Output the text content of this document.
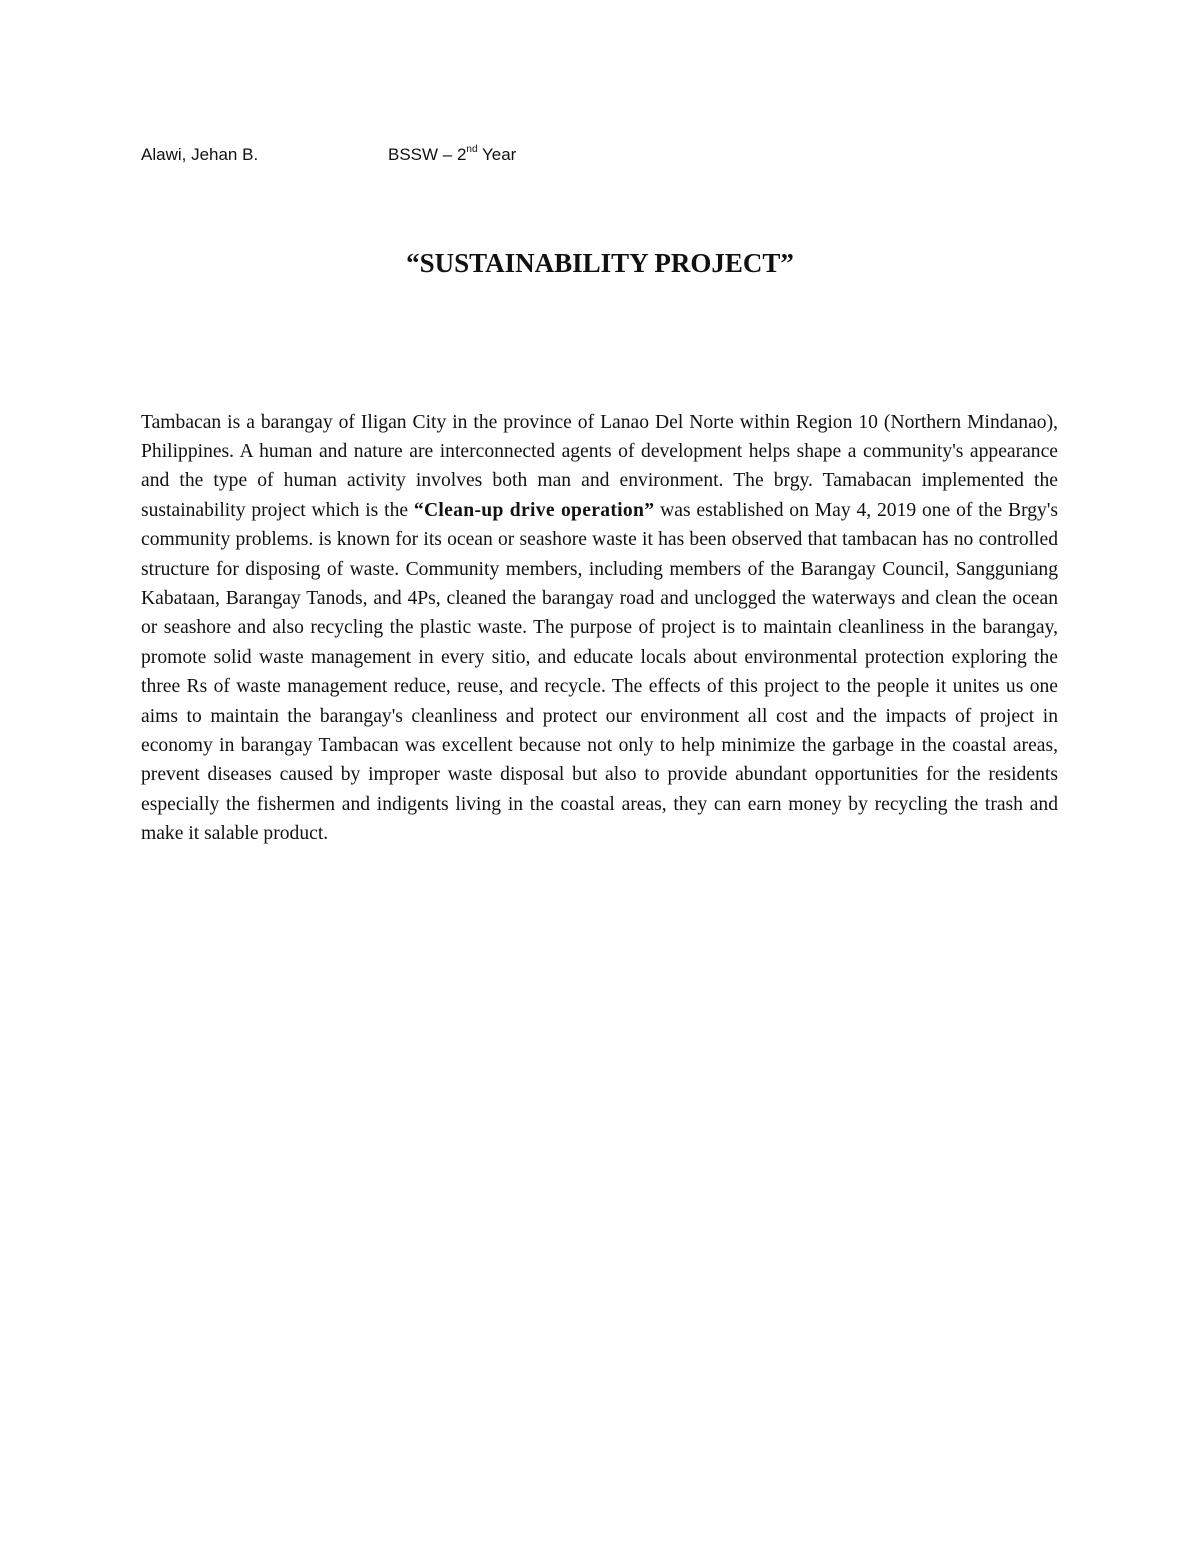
Alawi, Jehan B.	BSSW – 2nd Year
“SUSTAINABILITY PROJECT”

Tambacan is a barangay of Iligan City in the province of Lanao Del Norte within Region 10 (Northern Mindanao), Philippines. A human and nature are interconnected agents of development helps shape a community's appearance and the type of human activity involves both man and environment. The brgy. Tamabacan implemented the sustainability project which is the “Clean-up drive operation” was established on May 4, 2019 one of the Brgy's community problems. is known for its ocean or seashore waste it has been observed that tambacan has no controlled structure for disposing of waste. Community members, including members of the Barangay Council, Sangguniang Kabataan, Barangay Tanods, and 4Ps, cleaned the barangay road and unclogged the waterways and clean the ocean or seashore and also recycling the plastic waste. The purpose of project is to maintain cleanliness in the barangay, promote solid waste management in every sitio, and educate locals about environmental protection exploring the three Rs of waste management reduce, reuse, and recycle. The effects of this project to the people it unites us one aims to maintain the barangay's cleanliness and protect our environment all cost and the impacts of project in economy in barangay Tambacan was excellent because not only to help minimize the garbage in the coastal areas, prevent diseases caused by improper waste disposal but also to provide abundant opportunities for the residents especially the fishermen and indigents living in the coastal areas, they can earn money by recycling the trash and make it salable product.
